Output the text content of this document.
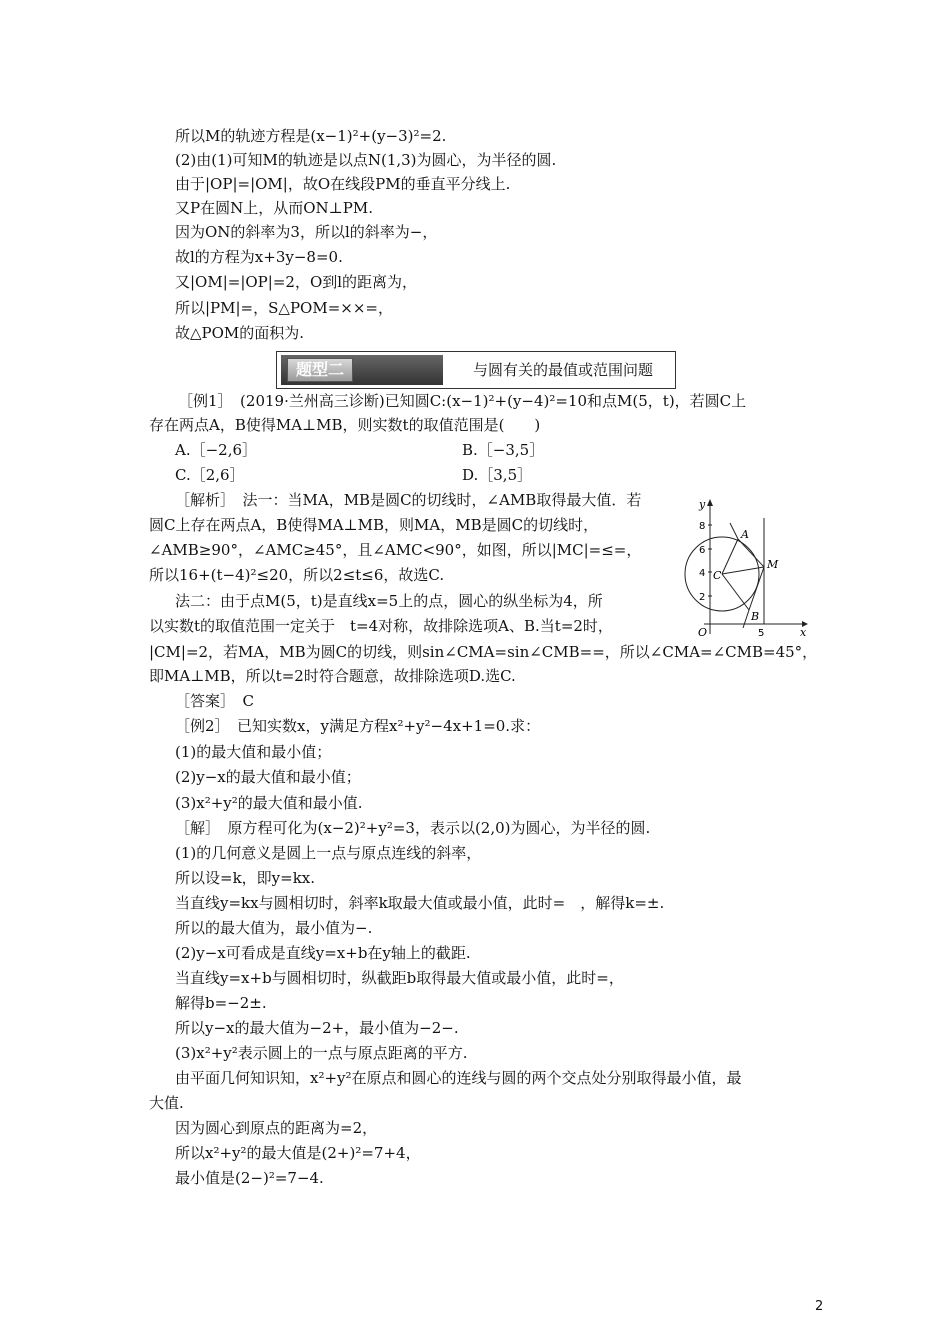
所以M的轨迹方程是(x−1)²+(y−3)²=2.
(2)由(1)可知M的轨迹是以点N(1,3)为圆心，为半径的圆.
由于|OP|=|OM|，故O在线段PM的垂直平分线上.
又P在圆N上，从而ON⊥PM.
因为ON的斜率为3，所以l的斜率为−，
故l的方程为x+3y−8=0.
又|OM|=|OP|=2，O到l的距离为，
所以|PM|=，S△POM=××=，
故△POM的面积为.
题型二	与圆有关的最值或范围问题
［例1］　(2019·兰州高三诊断)已知圆C:(x−1)²+(y−4)²=10和点M(5，t)，若圆C上
存在两点A，B使得MA⊥MB，则实数t的取值范围是(　　)
A.［−2,6］	B.［−3,5］
C.［2,6］	D.［3,5］
［解析］　法一：当MA，MB是圆C的切线时，∠AMB取得最大值．若
圆C上存在两点A，B使得MA⊥MB，则MA，MB是圆C的切线时，
∠AMB≥90°，∠AMC≥45°，且∠AMC<90°，如图，所以|MC|=≤=，
所以16+(t−4)²≤20，所以2≤t≤6，故选C.
法二：由于点M(5，t)是直线x=5上的点，圆心的纵坐标为4，所
以实数t的取值范围一定关于　t=4对称，故排除选项A、B.当t=2时，
|CM|=2，若MA，MB为圆C的切线，则sin∠CMA=sin∠CMB==，所以∠CMA=∠CMB=45°，
即MA⊥MB，所以t=2时符合题意，故排除选项D.选C.
［答案］　C
y
x
O
8
6
4
2
5
A
B
C
M
［例2］　已知实数x，y满足方程x²+y²−4x+1=0.求：
(1)的最大值和最小值；
(2)y−x的最大值和最小值；
(3)x²+y²的最大值和最小值.
［解］　原方程可化为(x−2)²+y²=3，表示以(2,0)为圆心，为半径的圆.
(1)的几何意义是圆上一点与原点连线的斜率，
所以设=k，即y=kx.
当直线y=kx与圆相切时，斜率k取最大值或最小值，此时=　，解得k=±.
所以的最大值为，最小值为−.
(2)y−x可看成是直线y=x+b在y轴上的截距.
当直线y=x+b与圆相切时，纵截距b取得最大值或最小值，此时=，
解得b=−2±.
所以y−x的最大值为−2+，最小值为−2−.
(3)x²+y²表示圆上的一点与原点距离的平方.
由平面几何知识知，x²+y²在原点和圆心的连线与圆的两个交点处分别取得最小值，最
大值.
因为圆心到原点的距离为=2，
所以x²+y²的最大值是(2+)²=7+4，
最小值是(2−)²=7−4.
2
